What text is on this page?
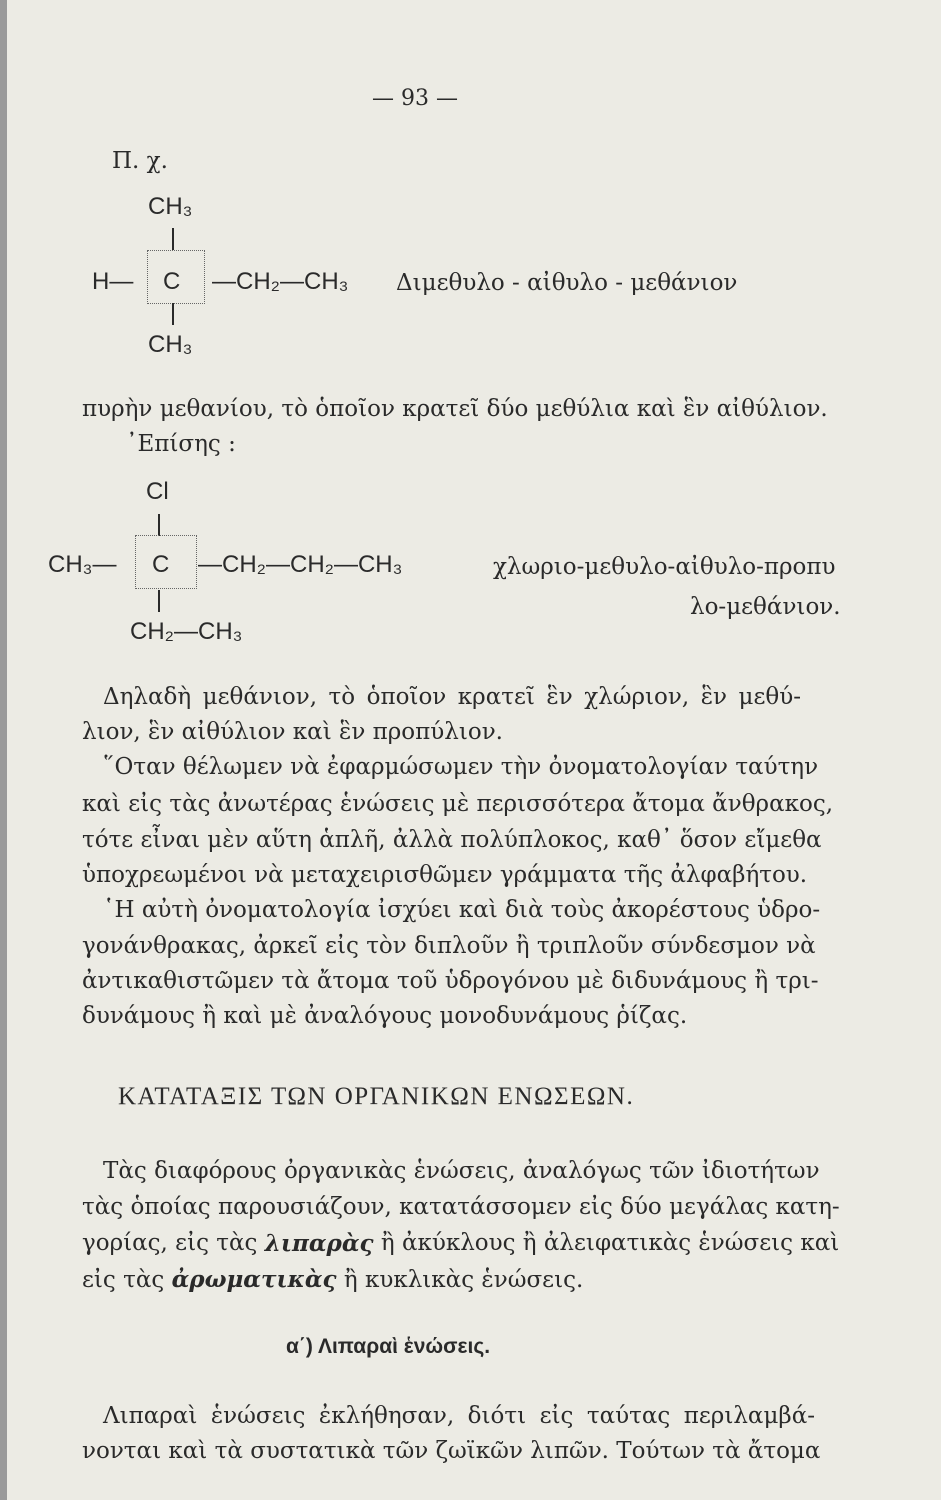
— 93 —
Π. χ.
CH₃
H— C —CH₂—CH₃ Διμεθυλο - αἰθυλο - μεθάνιον
CH₃
πυρὴν μεθανίου, τὸ ὁποῖον κρατεῖ δύο μεθύλια καὶ ἓν αἰθύλιον.
᾿Επίσης :
Cl
CH₃— C —CH₂—CH₂—CH₃	χλωριο-μεθυλο-αἰθυλο-προπυ
λο-μεθάνιον.
CH₂—CH₃
Δηλαδὴ μεθάνιον, τὸ ὁποῖον κρατεῖ ἓν χλώριον, ἓν μεθύ-
λιον, ἓν αἰθύλιον καὶ ἓν προπύλιον.
῞Οταν θέλωμεν νὰ ἐφαρμώσωμεν τὴν ὀνοματολογίαν ταύτην
καὶ εἰς τὰς ἀνωτέρας ἑνώσεις μὲ περισσότερα ἄτομα ἄνθρακος,
τότε εἶναι μὲν αὕτη ἁπλῆ, ἀλλὰ πολύπλοκος, καθ᾿ ὅσον εἴμεθα
ὑποχρεωμένοι νὰ μεταχειρισθῶμεν γράμματα τῆς ἀλφαβήτου.
῾Η αὐτὴ ὀνοματολογία ἰσχύει καὶ διὰ τοὺς ἀκορέστους ὑδρο-
γονάνθρακας, ἀρκεῖ εἰς τὸν διπλοῦν ἢ τριπλοῦν σύνδεσμον νὰ
ἀντικαθιστῶμεν τὰ ἄτομα τοῦ ὑδρογόνου μὲ διδυνάμους ἢ τρι-
δυνάμους ἢ καὶ μὲ ἀναλόγους μονοδυνάμους ῥίζας.
ΚΑΤΑΤΑΞΙΣ ΤΩΝ ΟΡΓΑΝΙΚΩΝ ΕΝΩΣΕΩΝ.
Τὰς διαφόρους ὀργανικὰς ἑνώσεις, ἀναλόγως τῶν ἰδιοτήτων
τὰς ὁποίας παρουσιάζουν, κατατάσσομεν εἰς δύο μεγάλας κατη-
γορίας, εἰς τὰς λιπαρὰς ἢ ἀκύκλους ἢ ἀλειφατικὰς ἑνώσεις καὶ
εἰς τὰς ἀρωματικὰς ἢ κυκλικὰς ἑνώσεις.
α΄) Λιπαραὶ ἑνώσεις.
Λιπαραὶ ἑνώσεις ἐκλήθησαν, διότι εἰς ταύτας περιλαμβά-
νονται καὶ τὰ συστατικὰ τῶν ζωϊκῶν λιπῶν. Τούτων τὰ ἄτομα
